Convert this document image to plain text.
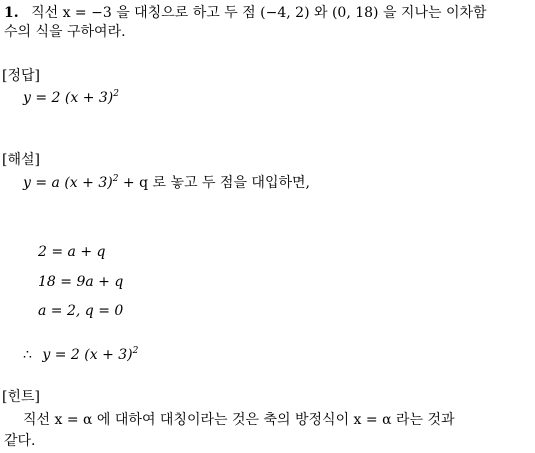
1. 직선 x = −3 을 대칭으로 하고 두 점 (−4, 2) 와 (0, 18) 을 지나는 이차함
수의 식을 구하여라.
[정답]
y = 2 $(x + 3)^2$
[해설]
y = a $(x + 3)^2 + q$ 로 놓고 두 점을 대입하면,
2 = a + q
18 = 9a + q
a = 2, q = 0
∴ y = 2 $(x + 3)^2$
[힌트]
직선 x = α 에 대하여 대칭이라는 것은 축의 방정식이 x = α 라는 것과
같다.
